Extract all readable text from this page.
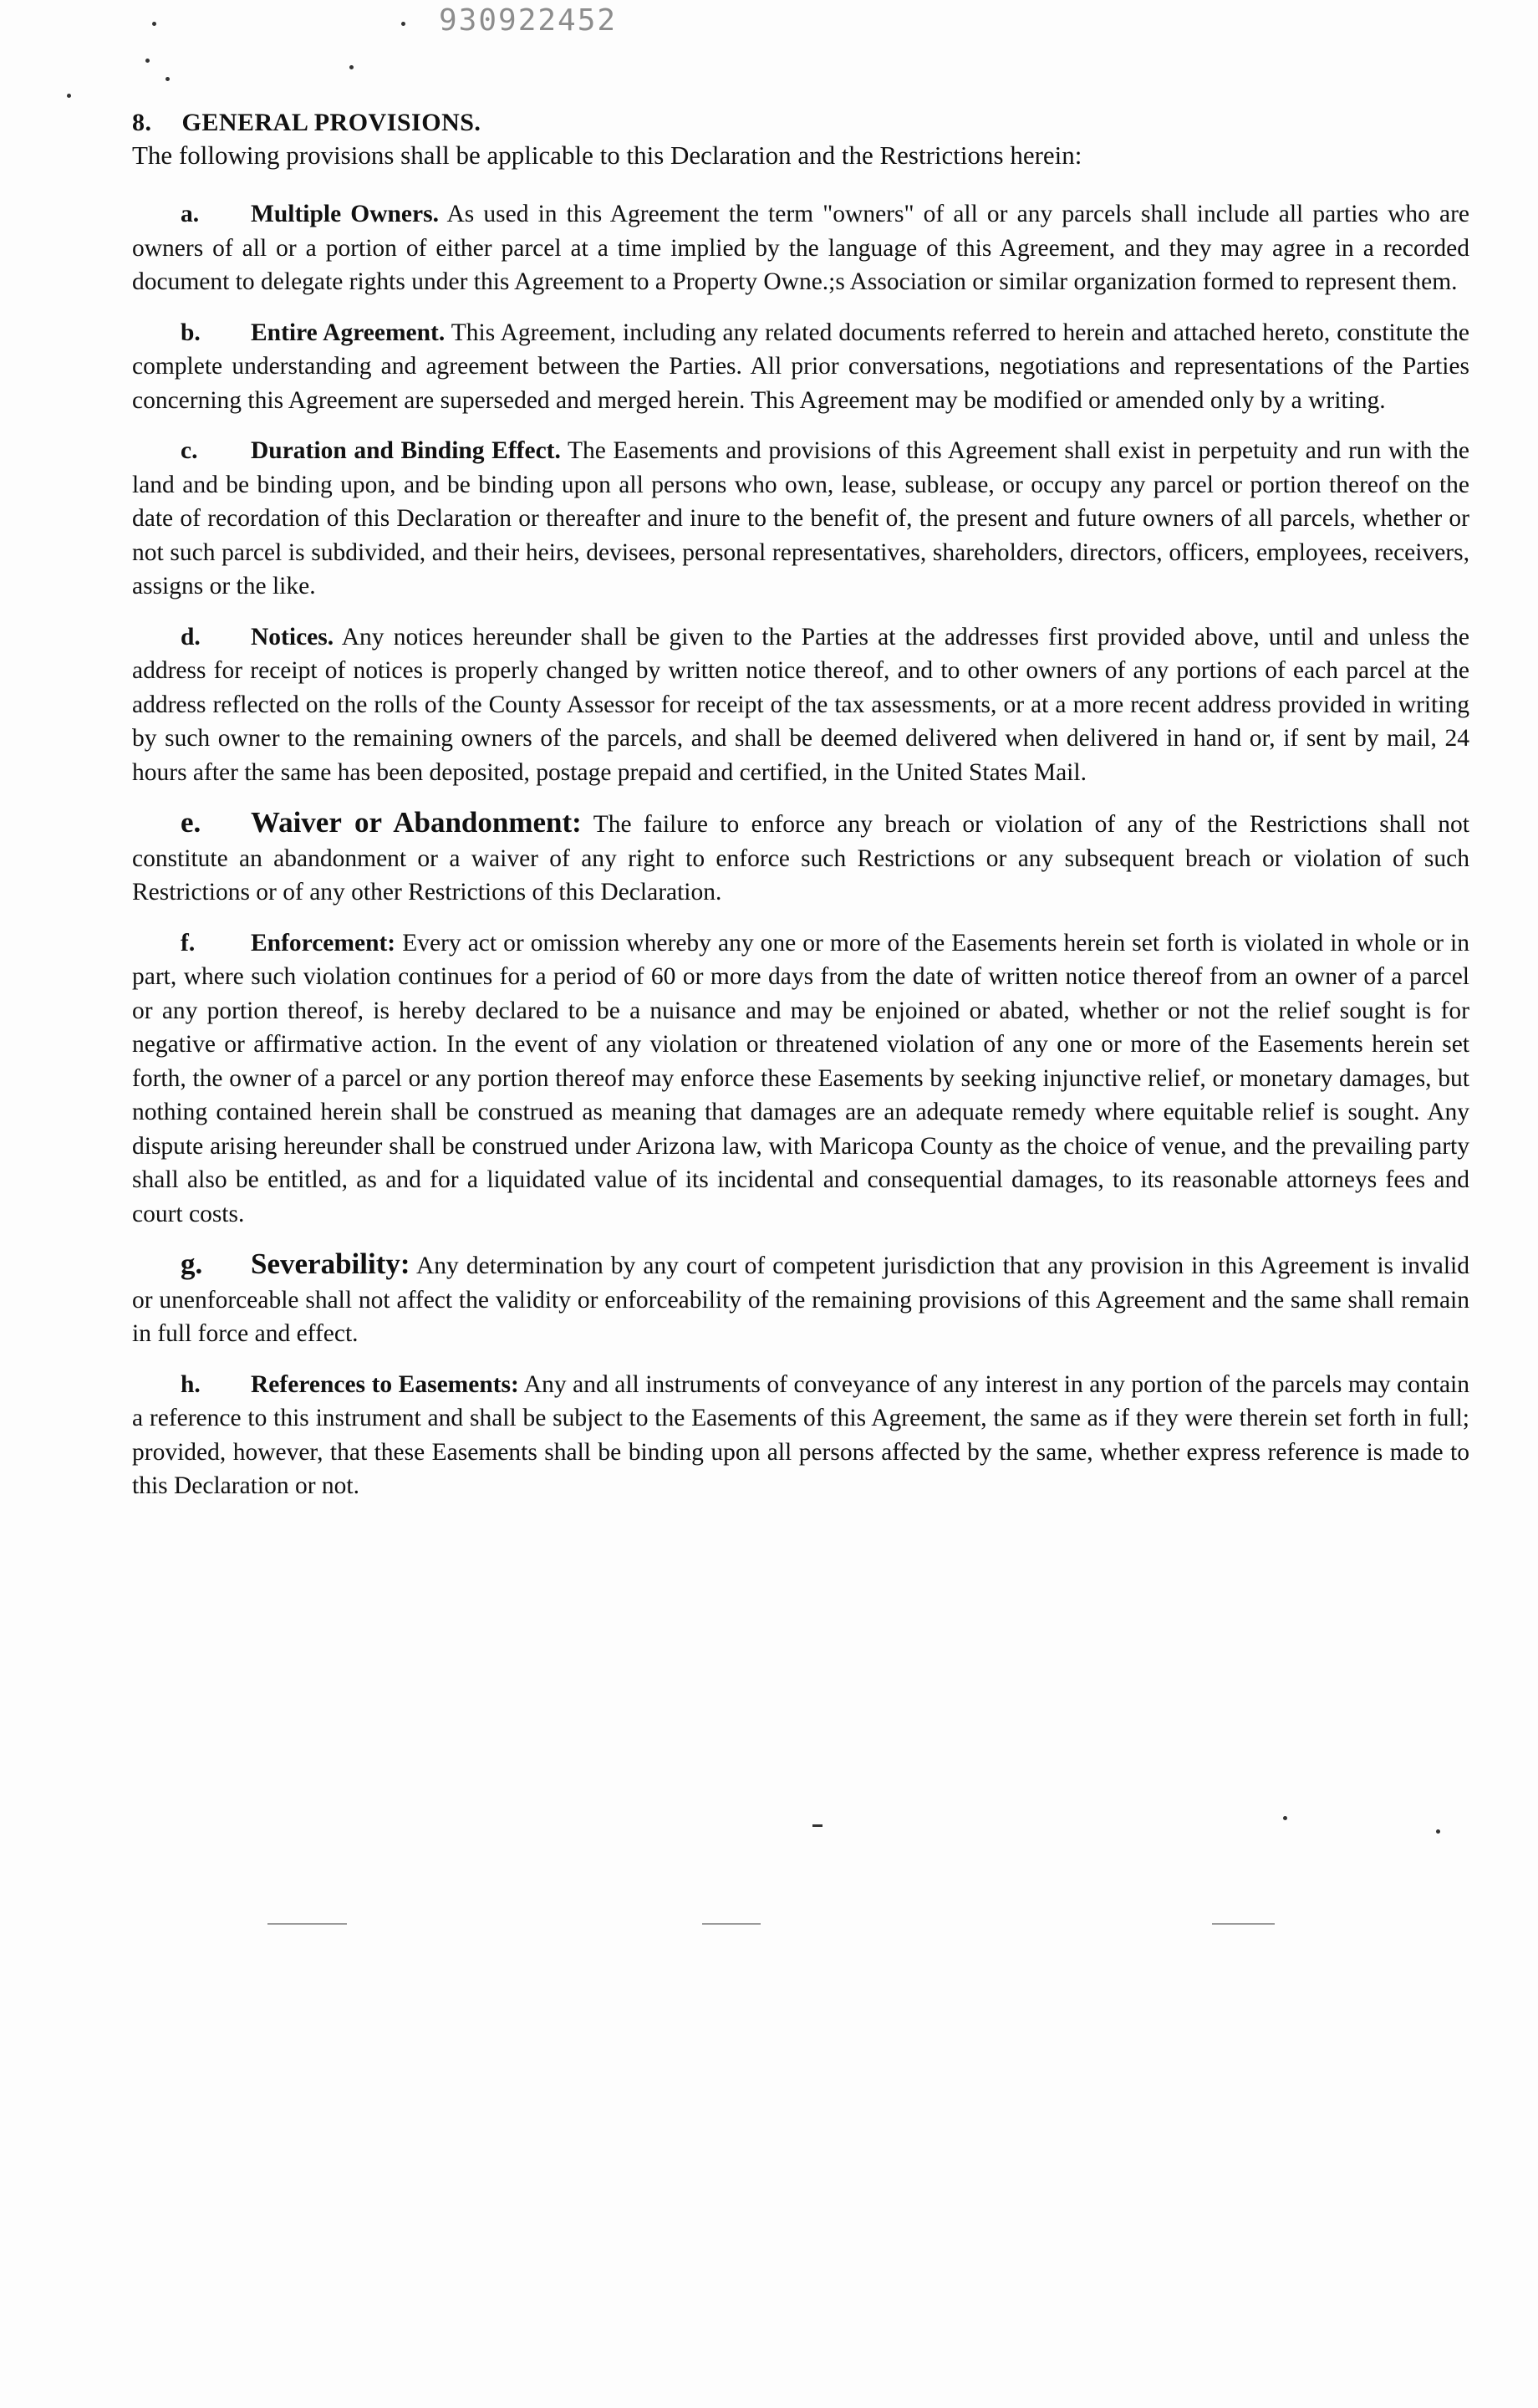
930922452

8. GENERAL PROVISIONS.

The following provisions shall be applicable to this Declaration and the Restrictions herein:

a. Multiple Owners. As used in this Agreement the term "owners" of all or any parcels shall include all parties who are owners of all or a portion of either parcel at a time implied by the language of this Agreement, and they may agree in a recorded document to delegate rights under this Agreement to a Property Owne.;s Association or similar organization formed to represent them.

b. Entire Agreement. This Agreement, including any related documents referred to herein and attached hereto, constitute the complete understanding and agreement between the Parties. All prior conversations, negotiations and representations of the Parties concerning this Agreement are superseded and merged herein. This Agreement may be modified or amended only by a writing.

c. Duration and Binding Effect. The Easements and provisions of this Agreement shall exist in perpetuity and run with the land and be binding upon, and be binding upon all persons who own, lease, sublease, or occupy any parcel or portion thereof on the date of recordation of this Declaration or thereafter and inure to the benefit of, the present and future owners of all parcels, whether or not such parcel is subdivided, and their heirs, devisees, personal representatives, shareholders, directors, officers, employees, receivers, assigns or the like.

d. Notices. Any notices hereunder shall be given to the Parties at the addresses first provided above, until and unless the address for receipt of notices is properly changed by written notice thereof, and to other owners of any portions of each parcel at the address reflected on the rolls of the County Assessor for receipt of the tax assessments, or at a more recent address provided in writing by such owner to the remaining owners of the parcels, and shall be deemed delivered when delivered in hand or, if sent by mail, 24 hours after the same has been deposited, postage prepaid and certified, in the United States Mail.

e. Waiver or Abandonment: The failure to enforce any breach or violation of any of the Restrictions shall not constitute an abandonment or a waiver of any right to enforce such Restrictions or any subsequent breach or violation of such Restrictions or of any other Restrictions of this Declaration.

f. Enforcement: Every act or omission whereby any one or more of the Easements herein set forth is violated in whole or in part, where such violation continues for a period of 60 or more days from the date of written notice thereof from an owner of a parcel or any portion thereof, is hereby declared to be a nuisance and may be enjoined or abated, whether or not the relief sought is for negative or affirmative action. In the event of any violation or threatened violation of any one or more of the Easements herein set forth, the owner of a parcel or any portion thereof may enforce these Easements by seeking injunctive relief, or monetary damages, but nothing contained herein shall be construed as meaning that damages are an adequate remedy where equitable relief is sought. Any dispute arising hereunder shall be construed under Arizona law, with Maricopa County as the choice of venue, and the prevailing party shall also be entitled, as and for a liquidated value of its incidental and consequential damages, to its reasonable attorneys fees and court costs.

g. Severability: Any determination by any court of competent jurisdiction that any provision in this Agreement is invalid or unenforceable shall not affect the validity or enforceability of the remaining provisions of this Agreement and the same shall remain in full force and effect.

h. References to Easements: Any and all instruments of conveyance of any interest in any portion of the parcels may contain a reference to this instrument and shall be subject to the Easements of this Agreement, the same as if they were therein set forth in full; provided, however, that these Easements shall be binding upon all persons affected by the same, whether express reference is made to this Declaration or not.
